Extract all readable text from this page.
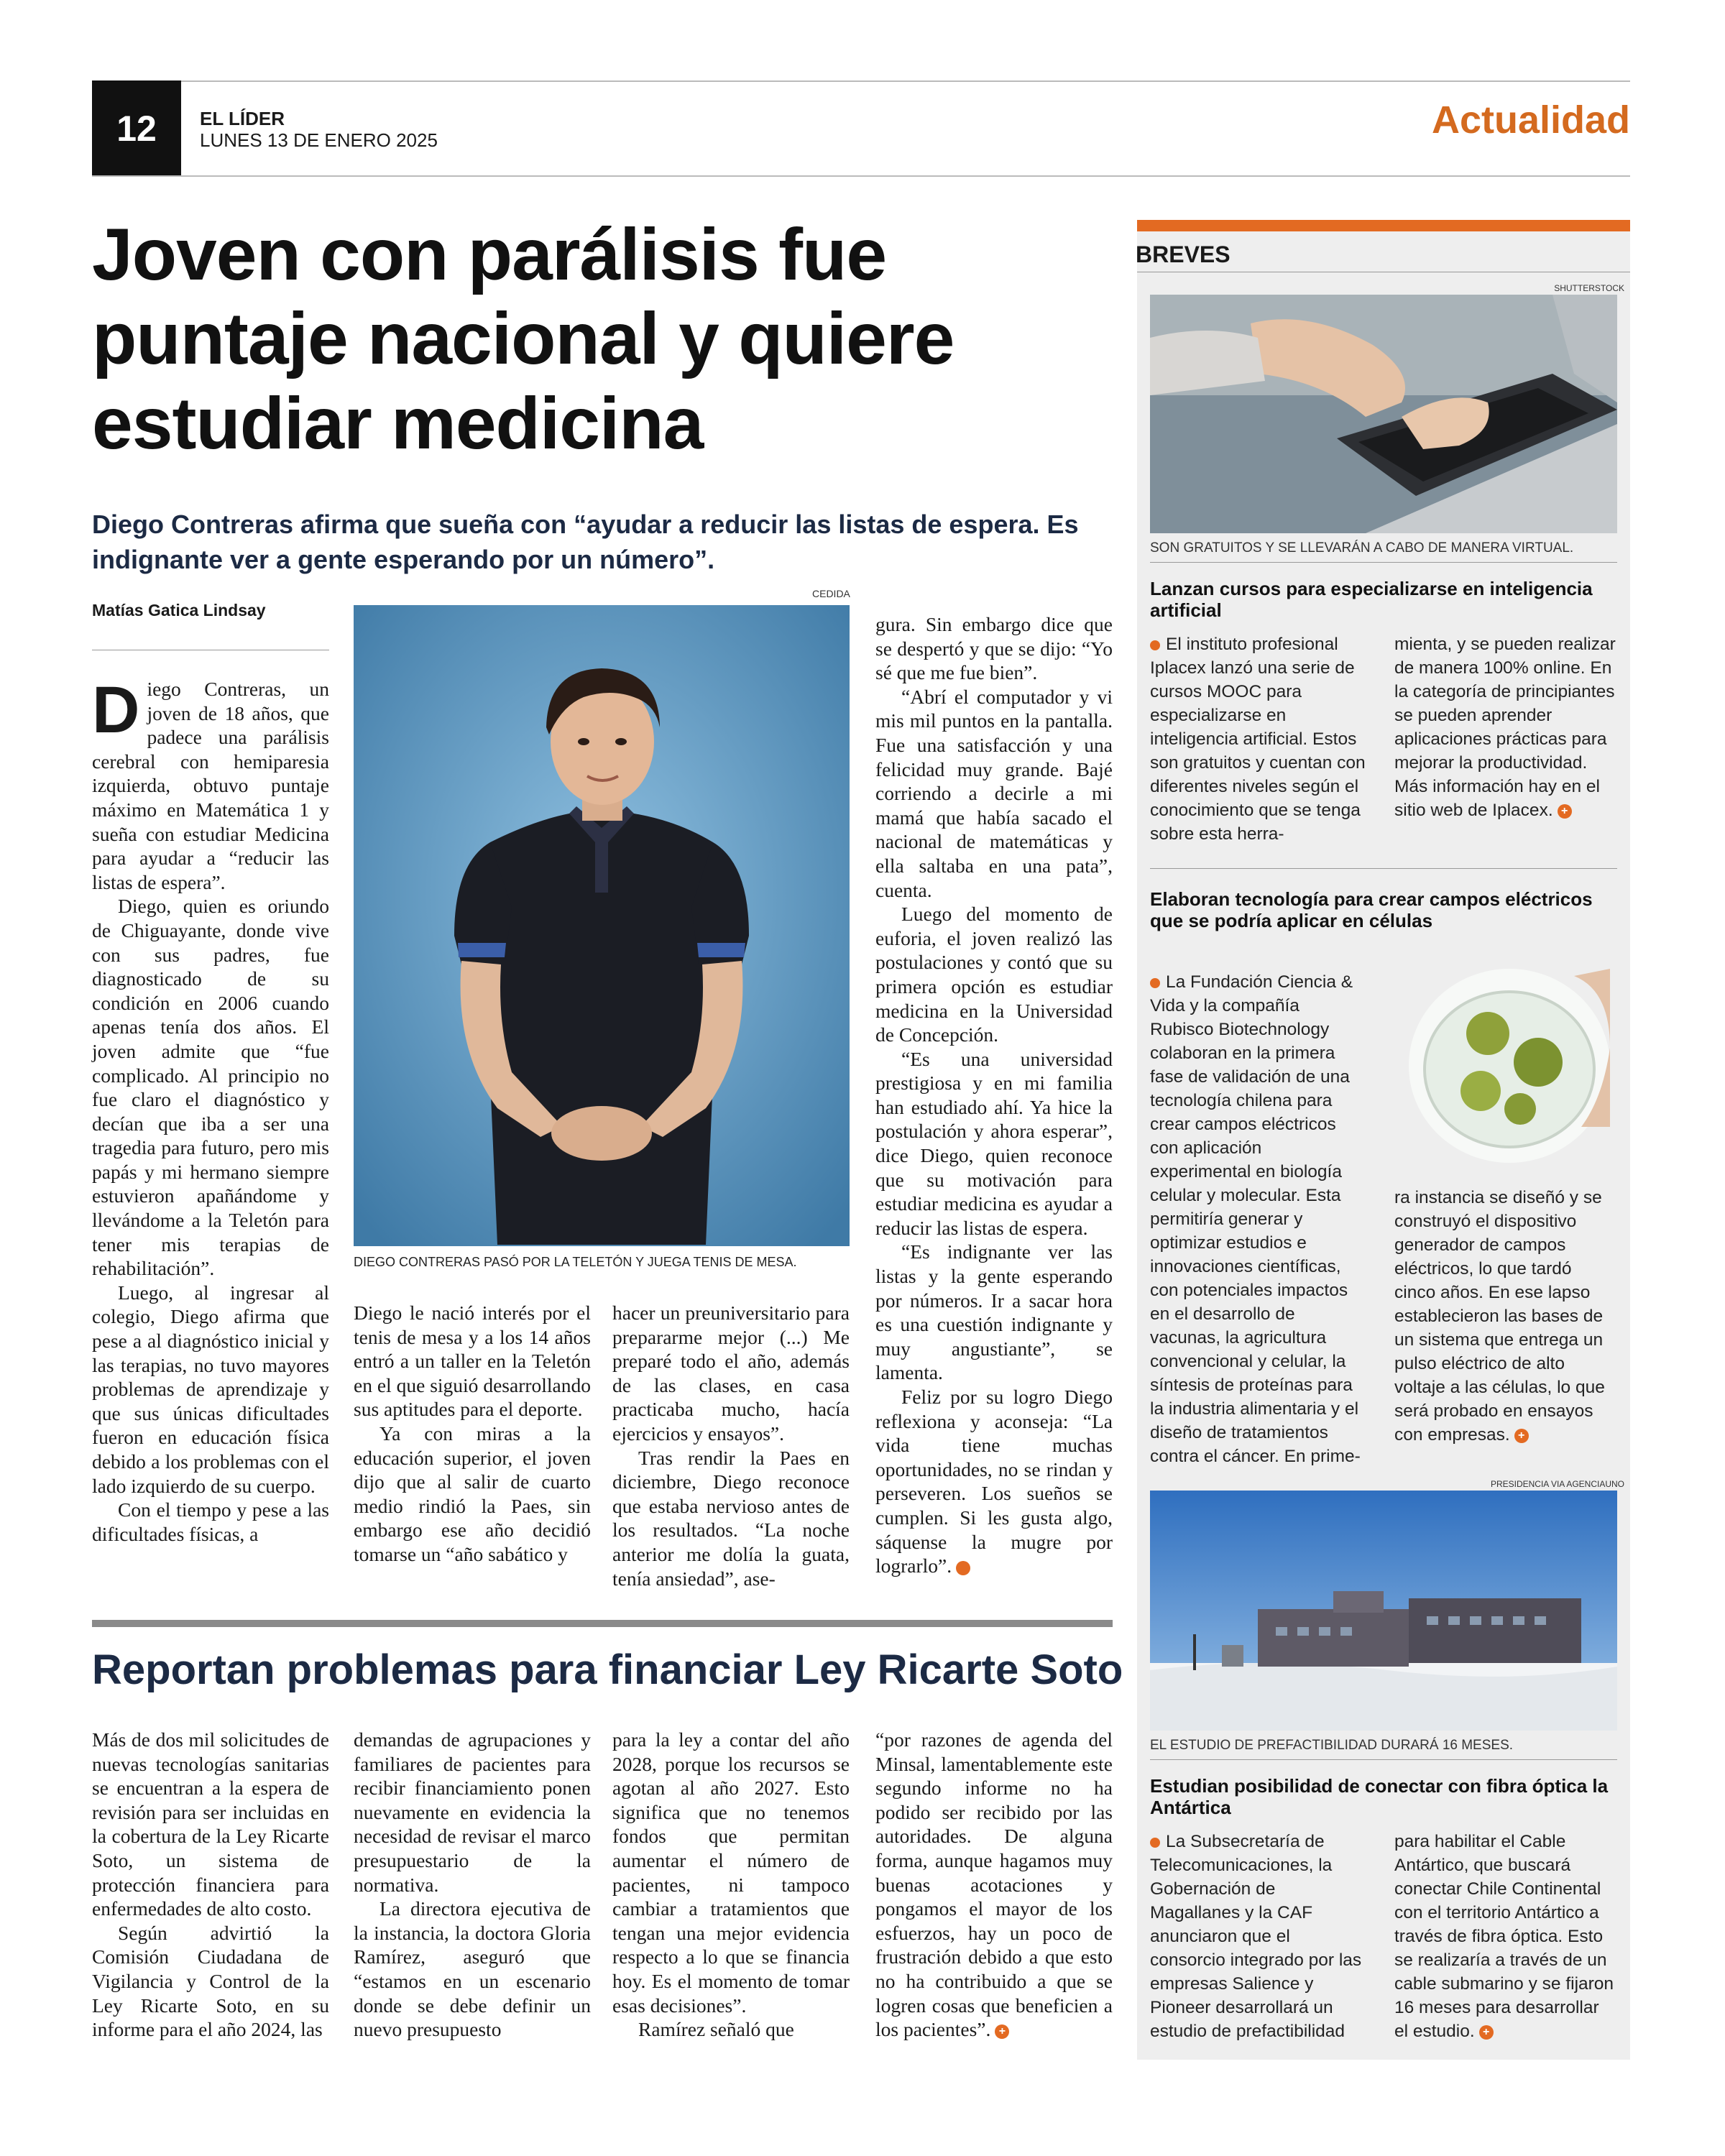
12	EL LÍDER
LUNES 13 DE ENERO 2025	Actualidad
Joven con parálisis fue puntaje nacional y quiere estudiar medicina

Diego Contreras afirma que sueña con “ayudar a reducir las listas de espera. Es indignante ver a gente esperando por un número”.

Matías Gatica Lindsay
CEDIDA
DIEGO CONTRERAS PASÓ POR LA TELETÓN Y JUEGA TENIS DE MESA.

Diego Contreras, un joven de 18 años, que padece una parálisis cerebral con hemiparesia izquierda, obtuvo puntaje máximo en Matemática 1 y sueña con estudiar Medicina para ayudar a “reducir las listas de espera”.

Diego, quien es oriundo de Chiguayante, donde vive con sus padres, fue diagnosticado de su condición en 2006 cuando apenas tenía dos años. El joven admite que “fue complicado. Al principio no fue claro el diagnóstico y decían que iba a ser una tragedia para futuro, pero mis papás y mi hermano siempre estuvieron apañándome y llevándome a la Teletón para tener mis terapias de rehabilitación”.

Luego, al ingresar al colegio, Diego afirma que pese a al diagnóstico inicial y las terapias, no tuvo mayores problemas de aprendizaje y que sus únicas dificultades fueron en educación física debido a los problemas con el lado izquierdo de su cuerpo.

Con el tiempo y pese a las dificultades físicas, a

Diego le nació interés por el tenis de mesa y a los 14 años entró a un taller en la Teletón en el que siguió desarrollando sus aptitudes para el deporte.

Ya con miras a la educación superior, el joven dijo que al salir de cuarto medio rindió la Paes, sin embargo ese año decidió tomarse un “año sabático y

hacer un preuniversitario para prepararme mejor (...) Me preparé todo el año, además de las clases, en casa practicaba mucho, hacía ejercicios y ensayos”.

Tras rendir la Paes en diciembre, Diego reconoce que estaba nervioso antes de los resultados. “La noche anterior me dolía la guata, tenía ansiedad”, ase-

gura. Sin embargo dice que se despertó y que se dijo: “Yo sé que me fue bien”.

“Abrí el computador y vi mis mil puntos en la pantalla. Fue una satisfacción y una felicidad muy grande. Bajé corriendo a decirle a mi mamá que había sacado el nacional de matemáticas y ella saltaba en una pata”, cuenta.

Luego del momento de euforia, el joven realizó las postulaciones y contó que su primera opción es estudiar medicina en la Universidad de Concepción.

“Es una universidad prestigiosa y en mi familia han estudiado ahí. Ya hice la postulación y ahora esperar”, dice Diego, quien reconoce que su motivación para estudiar medicina es ayudar a reducir las listas de espera.

“Es indignante ver las listas y la gente esperando por números. Ir a sacar hora es una cuestión indignante y muy angustiante”, se lamenta.

Feliz por su logro Diego reflexiona y aconseja: “La vida tiene muchas oportunidades, no se rindan y perseveren. Los sueños se cumplen. Si les gusta algo, sáquense la mugre por lograrlo”.	+

Reportan problemas para financiar Ley Ricarte Soto

Más de dos mil solicitudes de nuevas tecnologías sanitarias se encuentran a la espera de revisión para ser incluidas en la cobertura de la Ley Ricarte Soto, un sistema de protección financiera para enfermedades de alto costo.

Según advirtió la Comisión Ciudadana de Vigilancia y Control de la Ley Ricarte Soto, en su informe para el año 2024, las

demandas de agrupaciones y familiares de pacientes para recibir financiamiento ponen nuevamente en evidencia la necesidad de revisar el marco presupuestario de la normativa.

La directora ejecutiva de la instancia, la doctora Gloria Ramírez, aseguró que “estamos en un escenario donde se debe definir un nuevo presupuesto

para la ley a contar del año 2028, porque los recursos se agotan al año 2027. Esto significa que no tenemos fondos que permitan aumentar el número de pacientes, ni tampoco cambiar a tratamientos que tengan una mejor evidencia respecto a lo que se financia hoy. Es el momento de tomar esas decisiones”.

Ramírez señaló que

“por razones de agenda del Minsal, lamentablemente este segundo informe no ha podido ser recibido por las autoridades. De alguna forma, aunque hagamos muy buenas acotaciones y pongamos el mayor de los esfuerzos, hay un poco de frustración debido a que esto no ha contribuido a que se logren cosas que beneficien a los pacientes”. +

BREVES
SHUTTERSTOCK
SON GRATUITOS Y SE LLEVARÁN A CABO DE MANERA VIRTUAL.
Lanzan cursos para especializarse en inteligencia artificial

El instituto profesional Iplacex lanzó una serie de cursos MOOC para especializarse en inteligencia artificial. Estos son gratuitos y cuentan con diferentes niveles según el conocimiento que se tenga sobre esta herra-

mienta, y se pueden realizar de manera 100% online. En la categoría de principiantes se pueden aprender aplicaciones prácticas para mejorar la productividad. Más información hay en el sitio web de Iplacex. +

Elaboran tecnología para crear campos eléctricos que se podría aplicar en células

La Fundación Ciencia & Vida y la compañía Rubisco Biotechnology colaboran en la primera fase de validación de una tecnología chilena para crear campos eléctricos con aplicación experimental en biología celular y molecular. Esta permitiría generar y optimizar estudios e innovaciones científicas, con potenciales impactos en el desarrollo de vacunas, la agricultura convencional y celular, la síntesis de proteínas para la industria alimentaria y el diseño de tratamientos contra el cáncer. En prime-

ra instancia se diseñó y se construyó el dispositivo generador de campos eléctricos, lo que tardó cinco años. En ese lapso establecieron las bases de un sistema que entrega un pulso eléctrico de alto voltaje a las células, lo que será probado en ensayos con empresas. +

PRESIDENCIA VIA AGENCIAUNO
EL ESTUDIO DE PREFACTIBILIDAD DURARÁ 16 MESES.
Estudian posibilidad de conectar con fibra óptica la Antártica

La Subsecretaría de Telecomunicaciones, la Gobernación de Magallanes y la CAF anunciaron que el consorcio integrado por las empresas Salience y Pioneer desarrollará un estudio de prefactibilidad

para habilitar el Cable Antártico, que buscará conectar Chile Continental con el territorio Antártico a través de fibra óptica. Esto se realizaría a través de un cable submarino y se fijaron 16 meses para desarrollar el estudio. +
